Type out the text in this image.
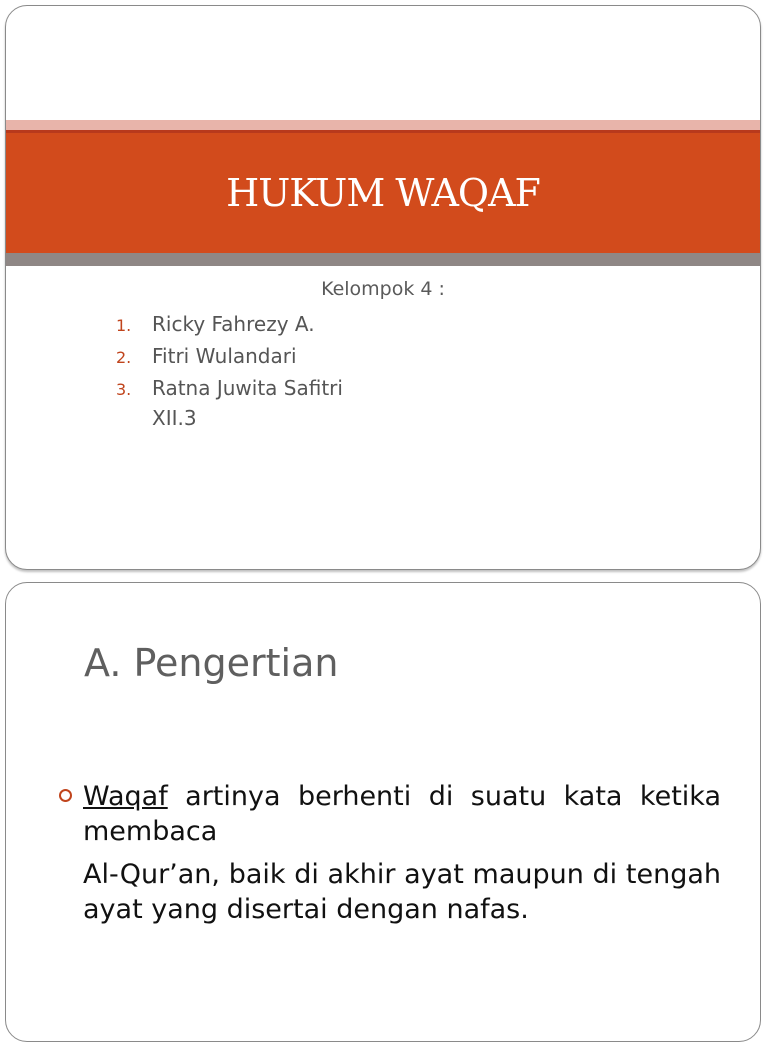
HUKUM WAQAF
Kelompok 4 :
1. Ricky Fahrezy A.
2. Fitri Wulandari
3. Ratna Juwita Safitri
XII.3
A. Pengertian

Waqaf artinya berhenti di suatu kata ketika membaca

Al-Qur’an, baik di akhir ayat maupun di tengah ayat yang disertai dengan nafas.
